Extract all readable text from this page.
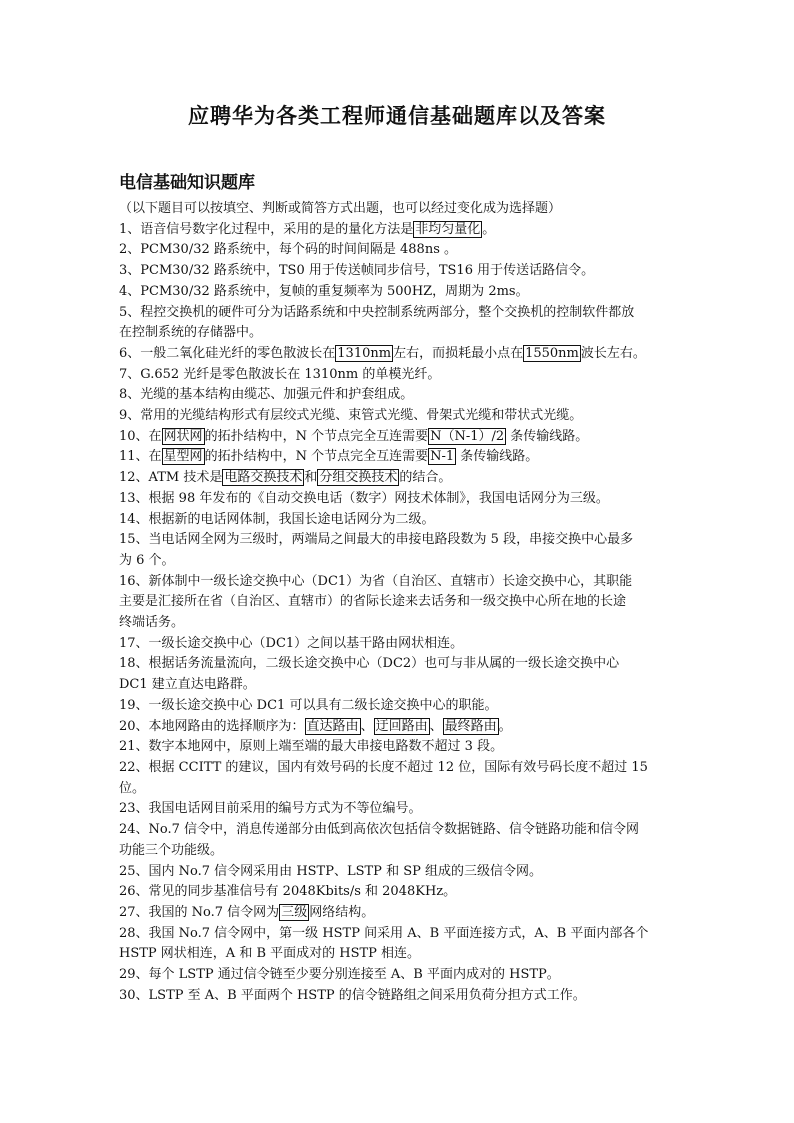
应聘华为各类工程师通信基础题库以及答案
电信基础知识题库
（以下题目可以按填空、判断或简答方式出题，也可以经过变化成为选择题）
1、语音信号数字化过程中，采用的是的量化方法是 非均匀量化 。
2、PCM30/32 路系统中，每个码的时间间隔是 488ns 。
3、PCM30/32 路系统中，TS0 用于传送帧同步信号，TS16 用于传送话路信令。
4、PCM30/32 路系统中，复帧的重复频率为 500HZ，周期为 2ms。
5、程控交换机的硬件可分为话路系统和中央控制系统两部分，整个交换机的控制软件都放
在控制系统的存储器中。
6、一般二氧化硅光纤的零色散波长在 1310nm 左右，而损耗最小点在 1550nm 波长左右。
7、G.652 光纤是零色散波长在 1310nm 的单模光纤。
8、光缆的基本结构由缆芯、加强元件和护套组成。
9、常用的光缆结构形式有层绞式光缆、束管式光缆、骨架式光缆和带状式光缆。
10、在 网状网 的拓扑结构中，N 个节点完全互连需要 N（N-1）/2 条传输线路。
11、在 星型网 的拓扑结构中，N 个节点完全互连需要 N-1 条传输线路。
12、ATM 技术是 电路交换技术 和 分组交换技术 的结合。
13、根据 98 年发布的《自动交换电话（数字）网技术体制》，我国电话网分为三级。
14、根据新的电话网体制，我国长途电话网分为二级。
15、当电话网全网为三级时，两端局之间最大的串接电路段数为 5 段，串接交换中心最多
为 6 个。
16、新体制中一级长途交换中心（DC1）为省（自治区、直辖市）长途交换中心，其职能
主要是汇接所在省（自治区、直辖市）的省际长途来去话务和一级交换中心所在地的长途
终端话务。
17、一级长途交换中心（DC1）之间以基干路由网状相连。
18、根据话务流量流向，二级长途交换中心（DC2）也可与非从属的一级长途交换中心
DC1 建立直达电路群。
19、一级长途交换中心 DC1 可以具有二级长途交换中心的职能。
20、本地网路由的选择顺序为： 直达路由 、 迂回路由 、 最终路由 。
21、数字本地网中，原则上端至端的最大串接电路数不超过 3 段。
22、根据 CCITT 的建议，国内有效号码的长度不超过 12 位，国际有效号码长度不超过 15
位。
23、我国电话网目前采用的编号方式为不等位编号。
24、No.7 信令中，消息传递部分由低到高依次包括信令数据链路、信令链路功能和信令网
功能三个功能级。
25、国内 No.7 信令网采用由 HSTP、LSTP 和 SP 组成的三级信令网。
26、常见的同步基准信号有 2048Kbits/s 和 2048KHz。
27、我国的 No.7 信令网为 三级 网络结构。
28、我国 No.7 信令网中，第一级 HSTP 间采用 A、B 平面连接方式，A、B 平面内部各个
HSTP 网状相连，A 和 B 平面成对的 HSTP 相连。
29、每个 LSTP 通过信令链至少要分别连接至 A、B 平面内成对的 HSTP。
30、LSTP 至 A、B 平面两个 HSTP 的信令链路组之间采用负荷分担方式工作。
